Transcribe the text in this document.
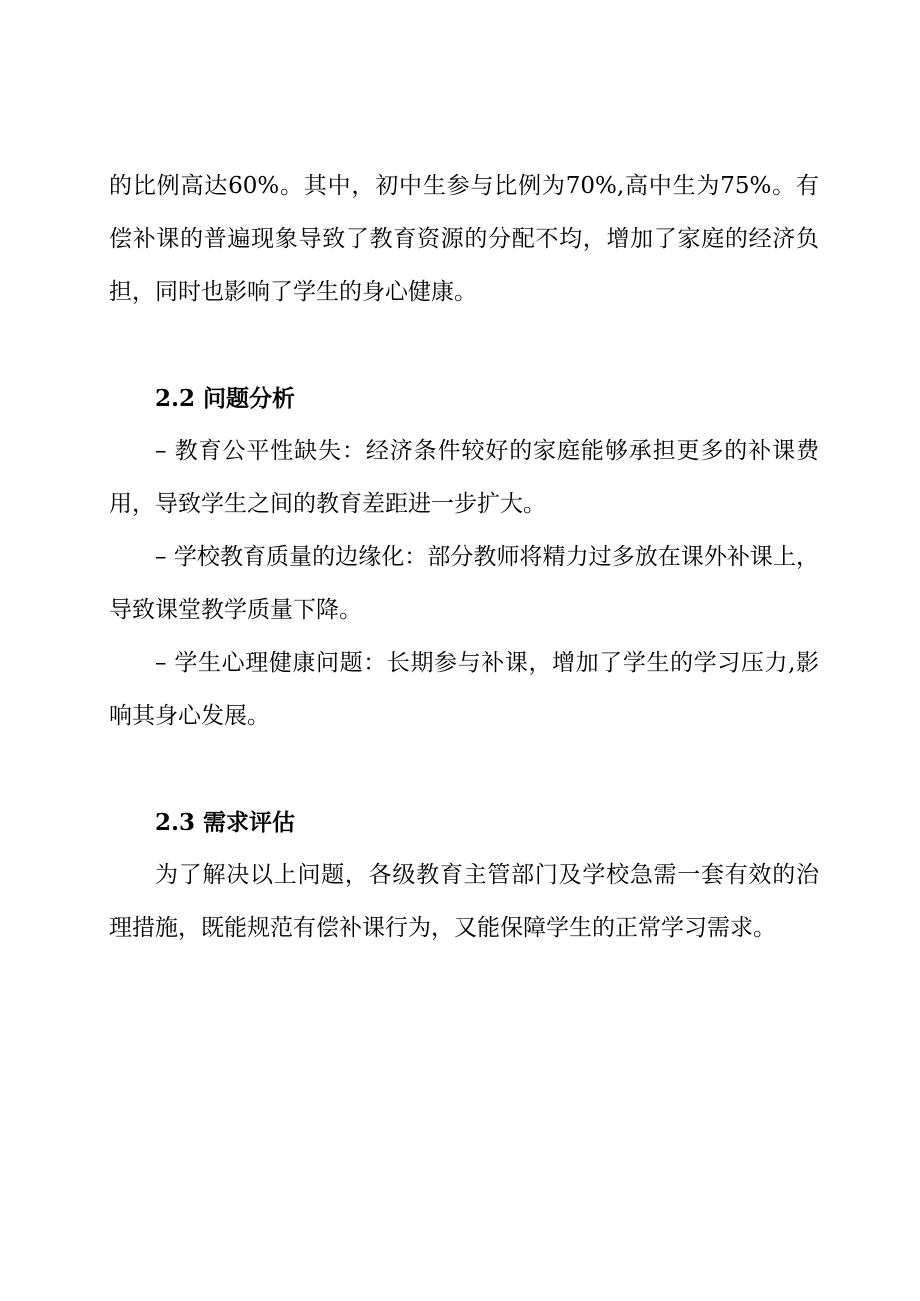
的比例高达60%。其中，初中生参与比例为70%,高中生为75%。有偿补课的普遍现象导致了教育资源的分配不均，增加了家庭的经济负担，同时也影响了学生的身心健康。

2.2 问题分析

– 教育公平性缺失：经济条件较好的家庭能够承担更多的补课费用，导致学生之间的教育差距进一步扩大。

– 学校教育质量的边缘化：部分教师将精力过多放在课外补课上，导致课堂教学质量下降。

– 学生心理健康问题：长期参与补课，增加了学生的学习压力,影响其身心发展。

2.3 需求评估

为了解决以上问题，各级教育主管部门及学校急需一套有效的治理措施，既能规范有偿补课行为，又能保障学生的正常学习需求。
